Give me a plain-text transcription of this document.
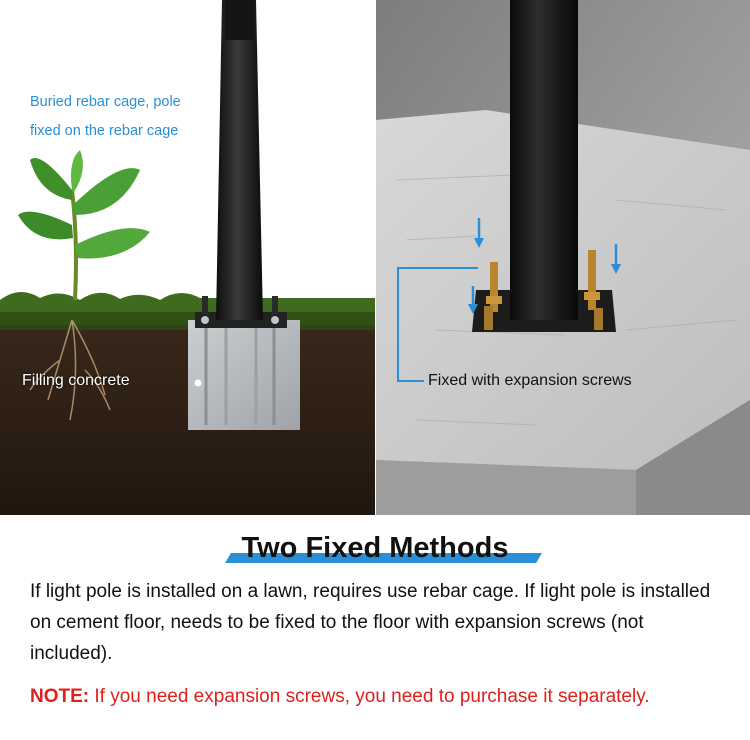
Buried rebar cage, pole
fixed on the rebar cage
Filling concrete	Fixed with expansion screws
Two Fixed Methods
If light pole is installed on a lawn, requires use rebar cage. If light pole is installed on cement floor, needs to be fixed to the floor with expansion screws (not included).
NOTE: If you need expansion screws, you need to purchase it separately.
